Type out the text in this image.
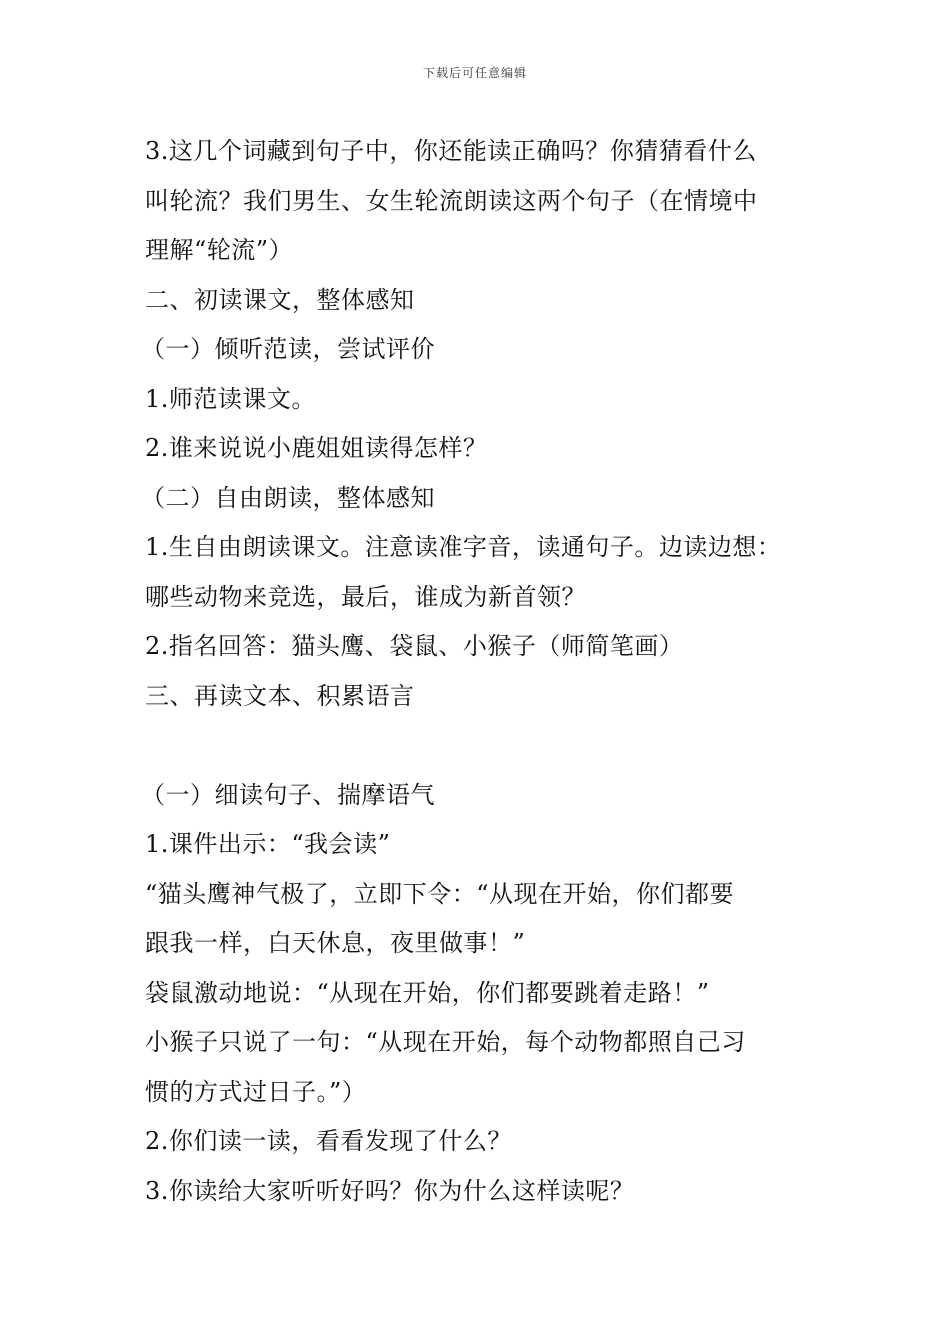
下载后可任意编辑
3.这几个词藏到句子中，你还能读正确吗？你猜猜看什么
叫轮流？我们男生、女生轮流朗读这两个句子（在情境中
理解“轮流”）
二、初读课文，整体感知
（一）倾听范读，尝试评价
1.师范读课文。
2.谁来说说小鹿姐姐读得怎样？
（二）自由朗读，整体感知
1.生自由朗读课文。注意读准字音，读通句子。边读边想：
哪些动物来竞选，最后，谁成为新首领？
2.指名回答：猫头鹰、袋鼠、小猴子（师简笔画）
三、再读文本、积累语言
（一）细读句子、揣摩语气
1.课件出示：“我会读”
“猫头鹰神气极了，立即下令：“从现在开始，你们都要
跟我一样，白天休息，夜里做事！”
袋鼠激动地说：“从现在开始，你们都要跳着走路！”
小猴子只说了一句：“从现在开始，每个动物都照自己习
惯的方式过日子。”）
2.你们读一读，看看发现了什么？
3.你读给大家听听好吗？你为什么这样读呢？
